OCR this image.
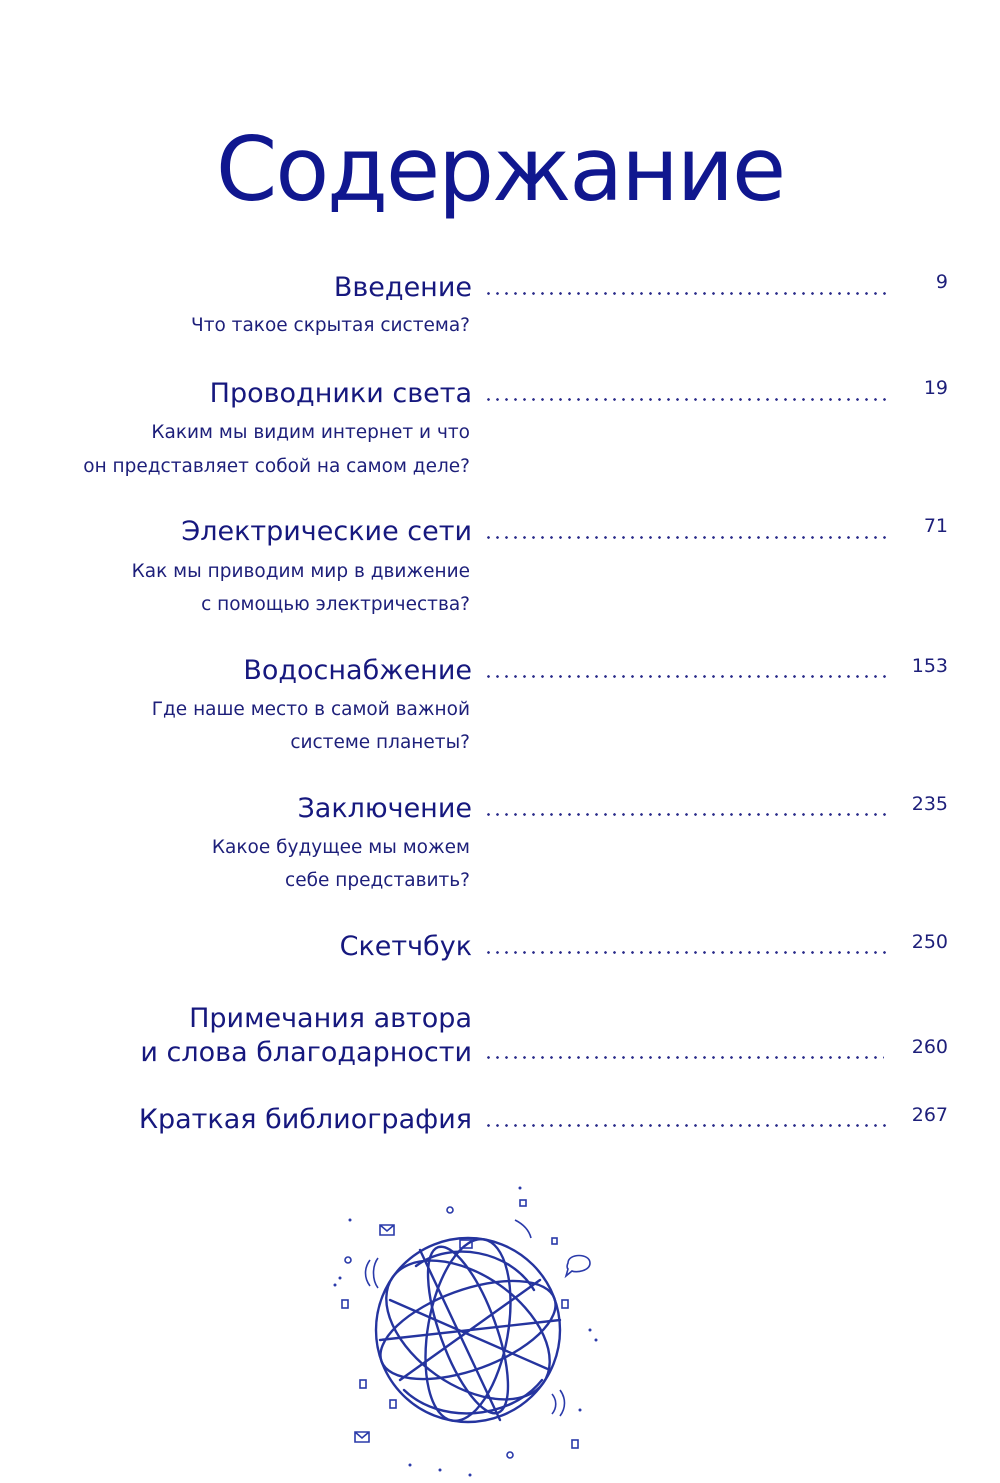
Содержание
Введение	9
Что такое скрытая система?
Проводники света	19
Каким мы видим интернет и что
он представляет собой на самом деле?
Электрические сети	71
Как мы приводим мир в движение
с помощью электричества?
Водоснабжение	153
Где наше место в самой важной
системе планеты?
Заключение	235
Какое будущее мы можем
себе представить?
Скетчбук	250
Примечания автора
и слова благодарности	260
Краткая библиография	267
